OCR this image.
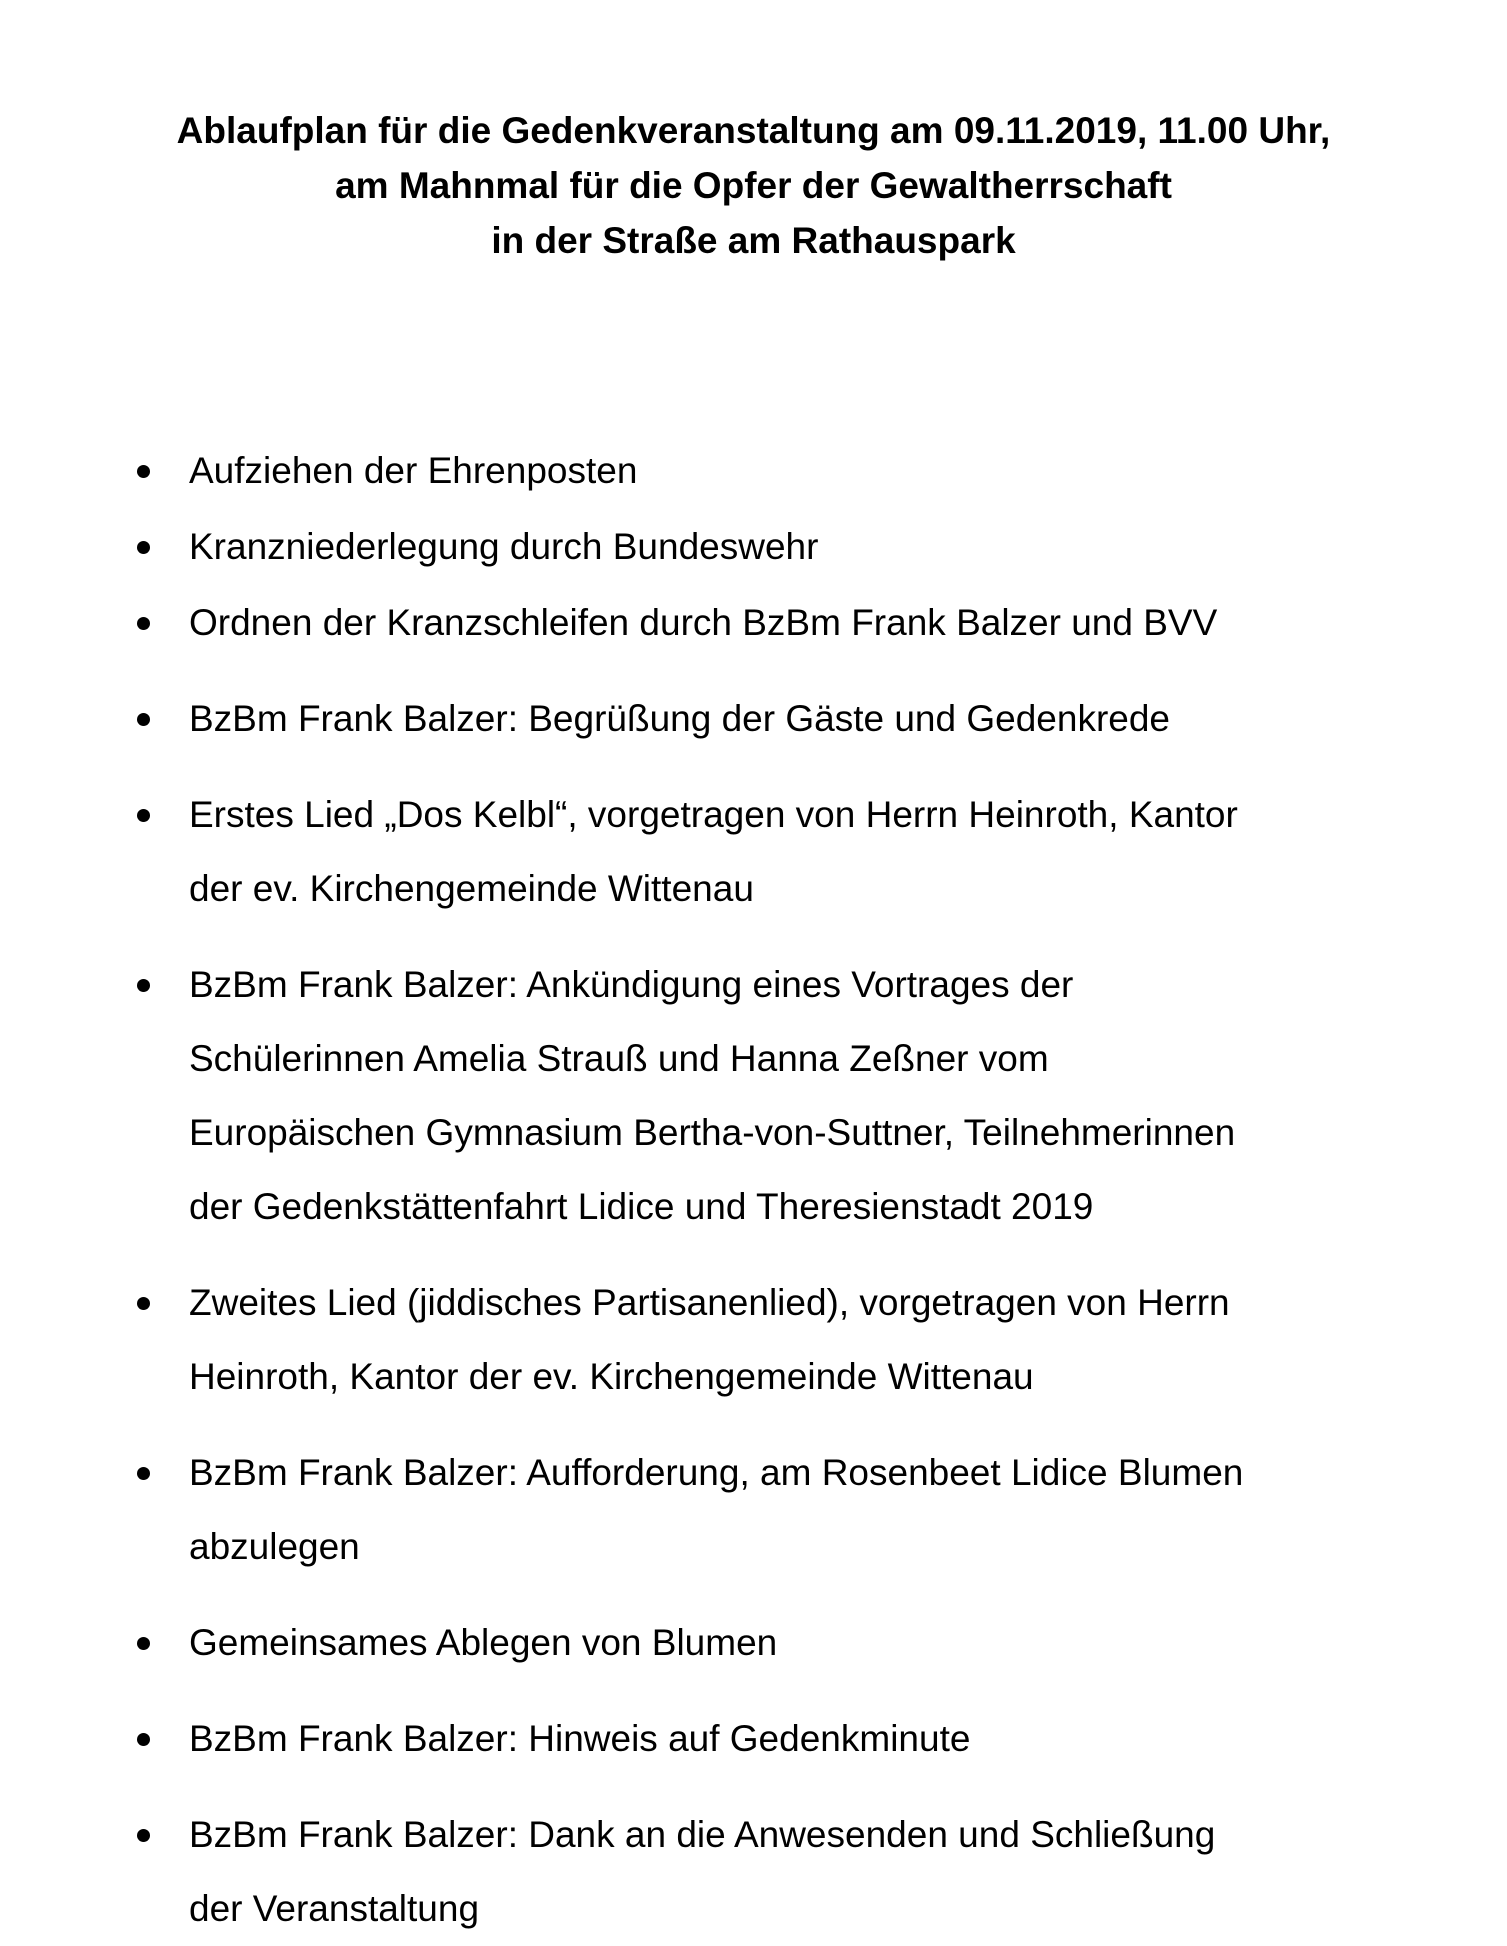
Ablaufplan für die Gedenkveranstaltung am 09.11.2019, 11.00 Uhr,
am Mahnmal für die Opfer der Gewaltherrschaft
in der Straße am Rathauspark
Aufziehen der Ehrenposten
Kranzniederlegung durch Bundeswehr
Ordnen der Kranzschleifen durch BzBm Frank Balzer und BVV
BzBm Frank Balzer: Begrüßung der Gäste und Gedenkrede
Erstes Lied „Dos Kelbl“, vorgetragen von Herrn Heinroth, Kantor
der ev. Kirchengemeinde Wittenau
BzBm Frank Balzer: Ankündigung eines Vortrages der
Schülerinnen Amelia Strauß und Hanna Zeßner vom
Europäischen Gymnasium Bertha-von-Suttner, Teilnehmerinnen
der Gedenkstättenfahrt Lidice und Theresienstadt 2019
Zweites Lied (jiddisches Partisanenlied), vorgetragen von Herrn
Heinroth, Kantor der ev. Kirchengemeinde Wittenau
BzBm Frank Balzer: Aufforderung, am Rosenbeet Lidice Blumen
abzulegen
Gemeinsames Ablegen von Blumen
BzBm Frank Balzer: Hinweis auf Gedenkminute
BzBm Frank Balzer: Dank an die Anwesenden und Schließung
der Veranstaltung
